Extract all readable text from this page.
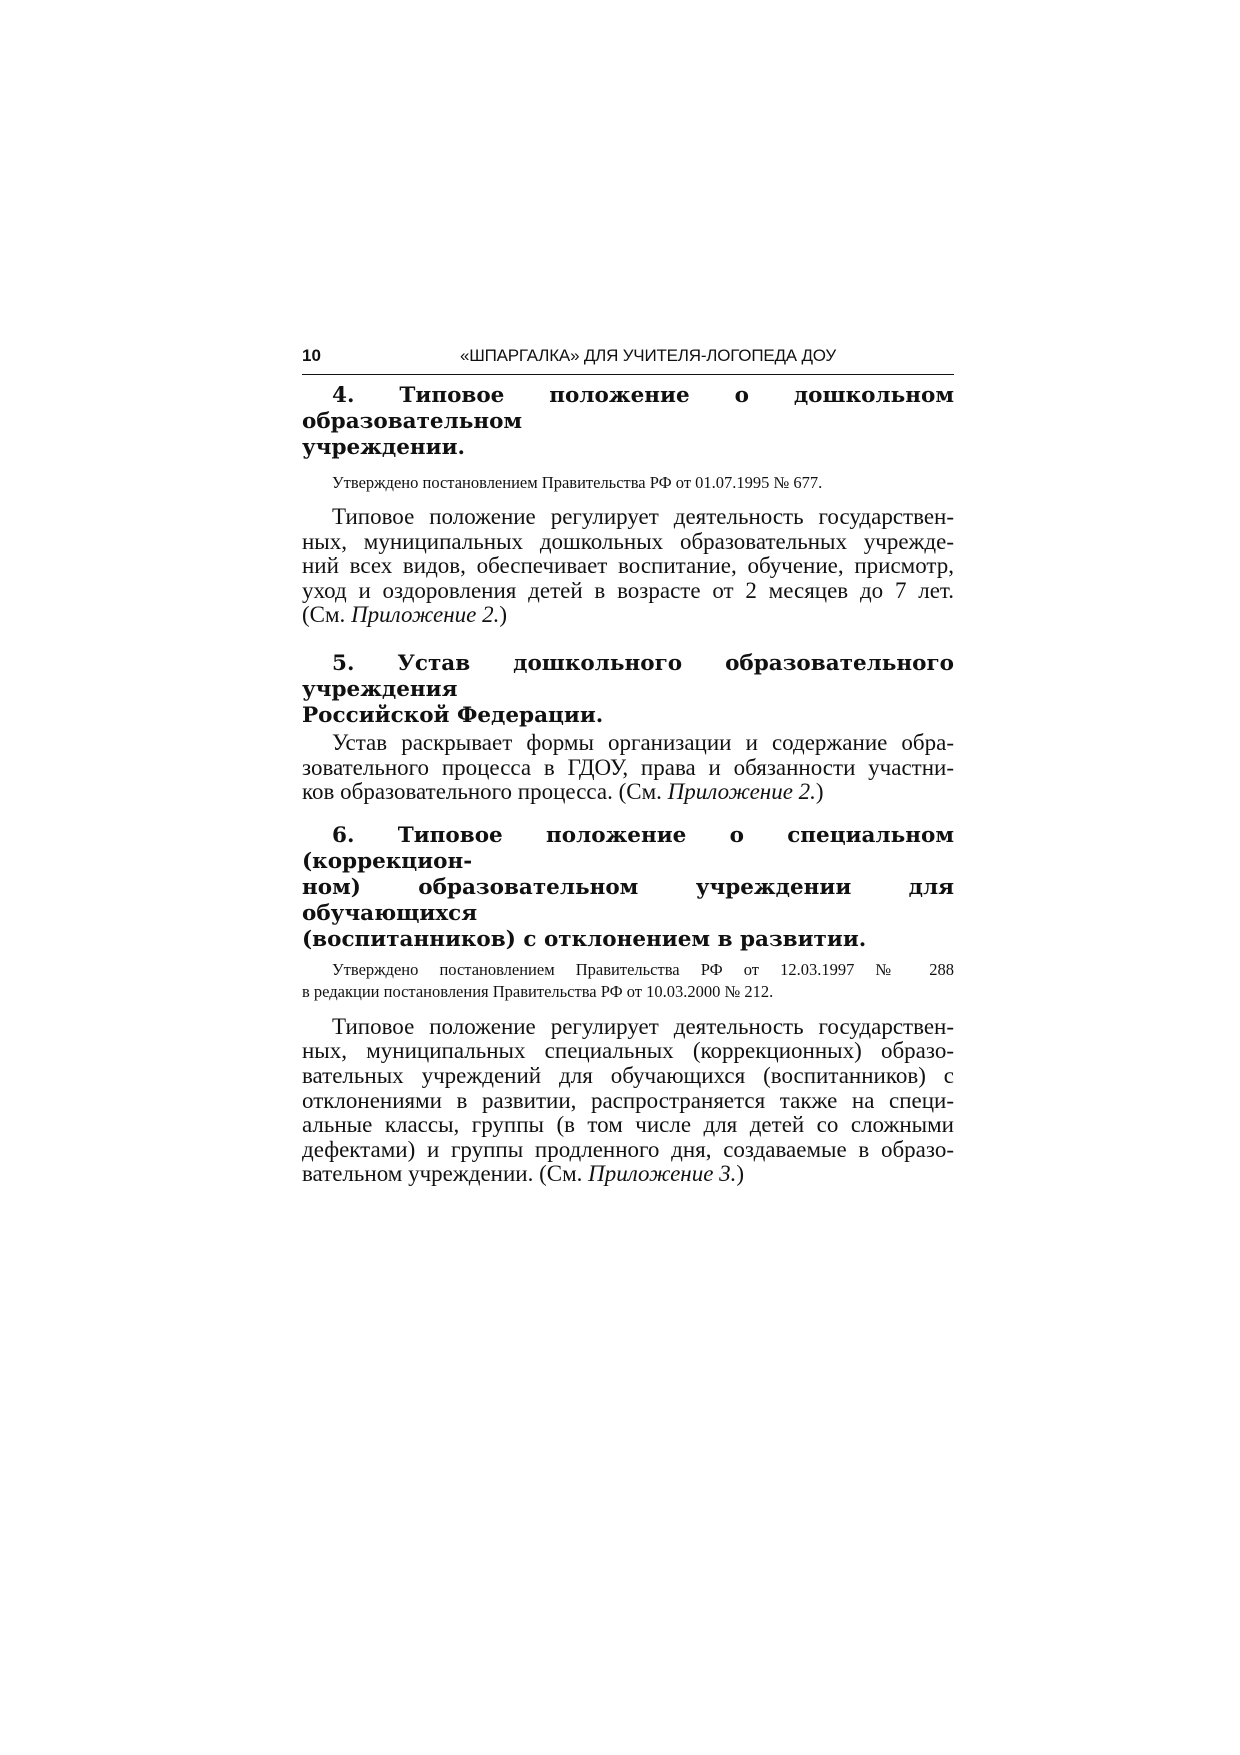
10	«ШПАРГАЛКА» ДЛЯ УЧИТЕЛЯ-ЛОГОПЕДА ДОУ
4. Типовое положение о дошкольном образовательном
учреждении.

Утверждено постановлением Правительства РФ от 01.07.1995 № 677.

Типовое положение регулирует деятельность государствен-
ных, муниципальных дошкольных образовательных учрежде-
ний всех видов, обеспечивает воспитание, обучение, присмотр,
уход и оздоровления детей в возрасте от 2 месяцев до 7 лет.
(См. Приложение 2.)
5. Устав дошкольного образовательного учреждения
Российской Федерации.
Устав раскрывает формы организации и содержание обра-
зовательного процесса в ГДОУ, права и обязанности участни-
ков образовательного процесса. (См. Приложение 2.)
6. Типовое положение о специальном (коррекцион-
ном) образовательном учреждении для обучающихся
(воспитанников) с отклонением в развитии.

Утверждено постановлением Правительства РФ от 12.03.1997 № 288
в редакции постановления Правительства РФ от 10.03.2000 № 212.

Типовое положение регулирует деятельность государствен-
ных, муниципальных специальных (коррекционных) образо-
вательных учреждений для обучающихся (воспитанников) с
отклонениями в развитии, распространяется также на специ-
альные классы, группы (в том числе для детей со сложными
дефектами) и группы продленного дня, создаваемые в образо-
вательном учреждении. (См. Приложение 3.)
